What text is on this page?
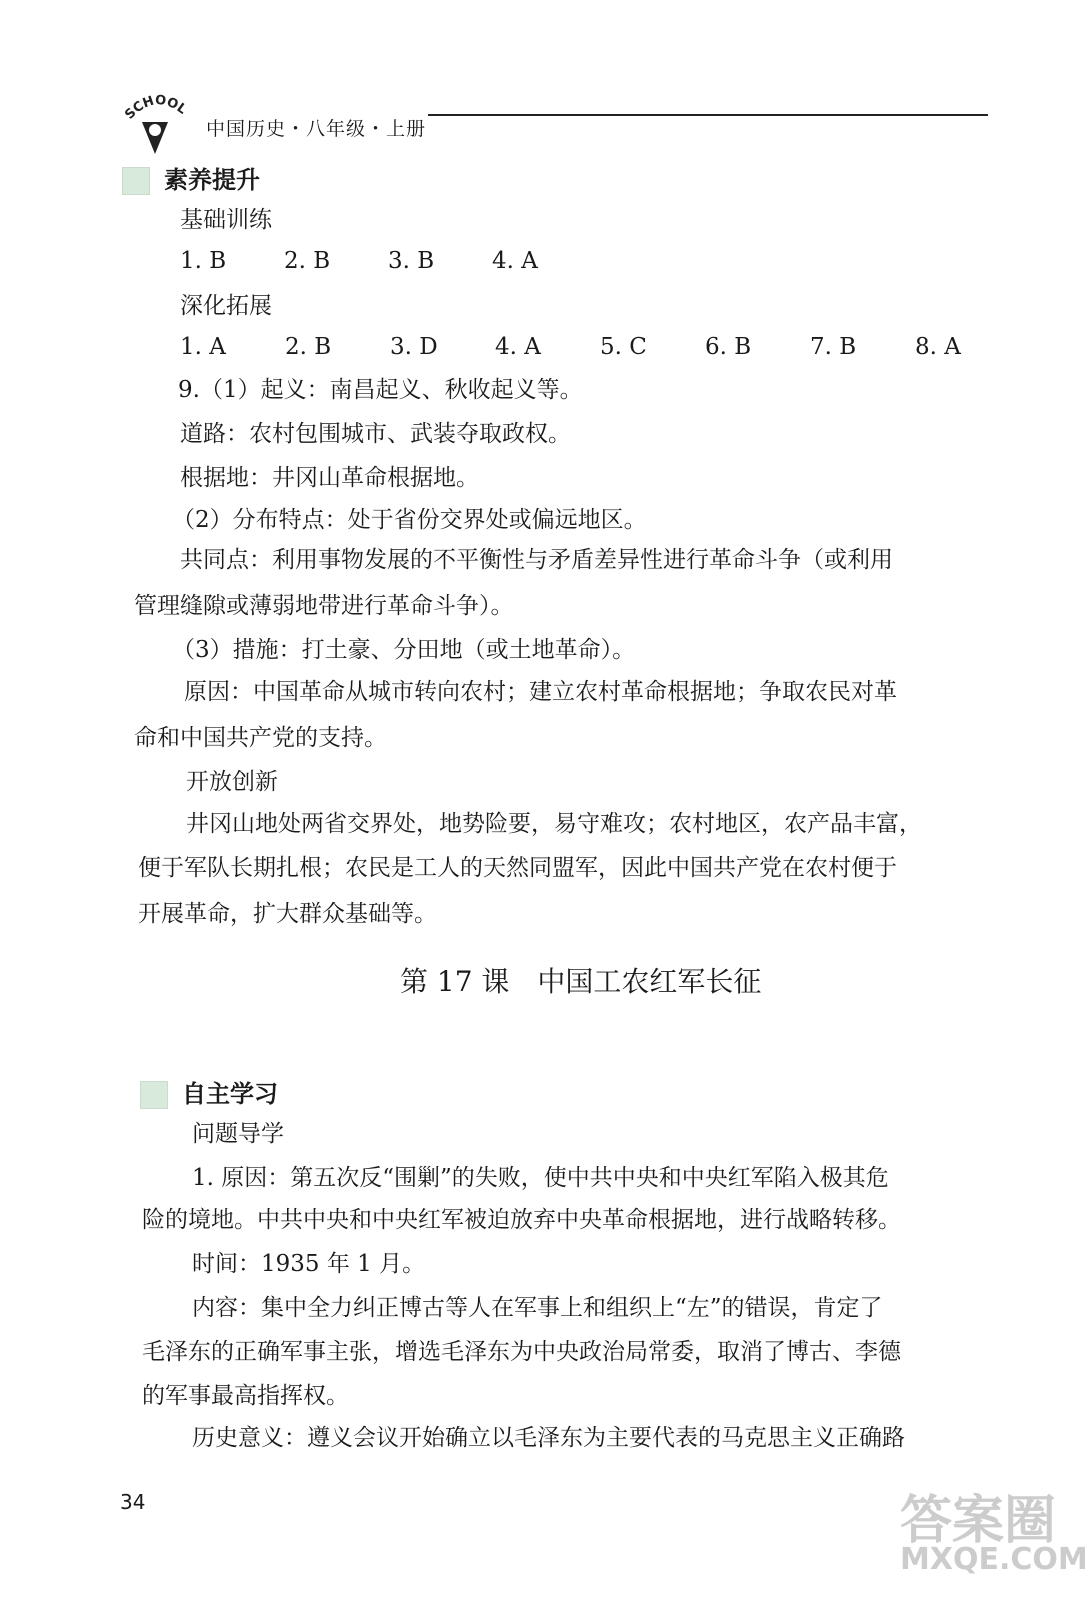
SCHOOL
中国历史・八年级・上册
素养提升
基础训练
1. B	2. B	3. B	4. A
深化拓展
1. A	2. B	3. D 4. A	5. C	6. B	7. B	8. A
9.（1）起义：南昌起义、秋收起义等。
道路：农村包围城市、武装夺取政权。
根据地：井冈山革命根据地。
（2）分布特点：处于省份交界处或偏远地区。
共同点：利用事物发展的不平衡性与矛盾差异性进行革命斗争（或利用
管理缝隙或薄弱地带进行革命斗争）。
（3）措施：打土豪、分田地（或土地革命）。
原因：中国革命从城市转向农村；建立农村革命根据地；争取农民对革
命和中国共产党的支持。
开放创新
井冈山地处两省交界处，地势险要，易守难攻；农村地区，农产品丰富，
便于军队长期扎根；农民是工人的天然同盟军，因此中国共产党在农村便于
开展革命，扩大群众基础等。
第 17 课　中国工农红军长征
自主学习
问题导学
1. 原因：第五次反“围剿”的失败，使中共中央和中央红军陷入极其危
险的境地。中共中央和中央红军被迫放弃中央革命根据地，进行战略转移。
时间：1935 年 1 月。
内容：集中全力纠正博古等人在军事上和组织上“左”的错误，肯定了
毛泽东的正确军事主张，增选毛泽东为中央政治局常委，取消了博古、李德
的军事最高指挥权。
历史意义：遵义会议开始确立以毛泽东为主要代表的马克思主义正确路
34	答案圈
MXQE.COM
